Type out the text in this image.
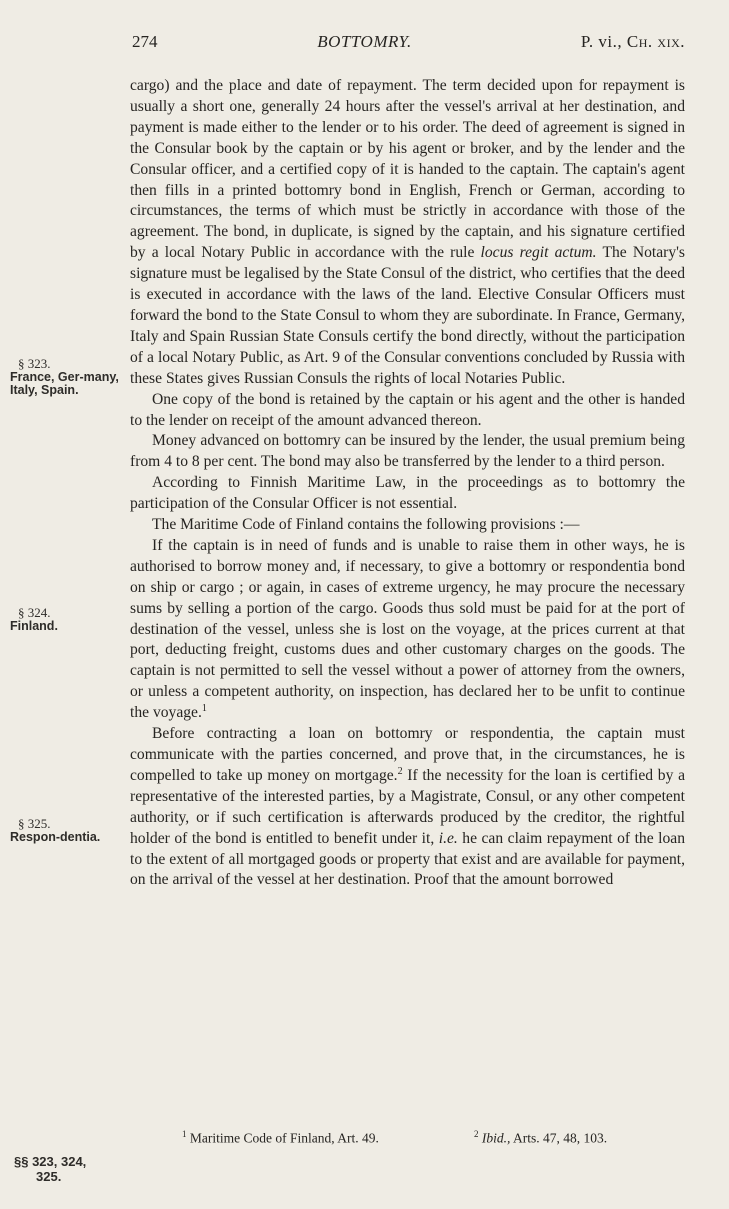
274	BOTTOMRY.	P. vi., Ch. xix.
§ 323.
France, Ger-many, Italy, Spain.
§ 324.
Finland.
§ 325.
Respon-dentia.

cargo) and the place and date of repayment. The term decided upon for repayment is usually a short one, generally 24 hours after the vessel's arrival at her destination, and payment is made either to the lender or to his order. The deed of agreement is signed in the Consular book by the captain or by his agent or broker, and by the lender and the Consular officer, and a certified copy of it is handed to the captain. The captain's agent then fills in a printed bottomry bond in English, French or German, according to circumstances, the terms of which must be strictly in accordance with those of the agreement. The bond, in duplicate, is signed by the captain, and his signature certified by a local Notary Public in accordance with the rule locus regit actum. The Notary's signature must be legalised by the State Consul of the district, who certifies that the deed is executed in accordance with the laws of the land. Elective Consular Officers must forward the bond to the State Consul to whom they are subordinate. In France, Germany, Italy and Spain Russian State Consuls certify the bond directly, without the participation of a local Notary Public, as Art. 9 of the Consular conventions concluded by Russia with these States gives Russian Consuls the rights of local Notaries Public.

One copy of the bond is retained by the captain or his agent and the other is handed to the lender on receipt of the amount advanced thereon.

Money advanced on bottomry can be insured by the lender, the usual premium being from 4 to 8 per cent. The bond may also be transferred by the lender to a third person.

According to Finnish Maritime Law, in the proceedings as to bottomry the participation of the Consular Officer is not essential.

The Maritime Code of Finland contains the following provisions :—

If the captain is in need of funds and is unable to raise them in other ways, he is authorised to borrow money and, if necessary, to give a bottomry or respondentia bond on ship or cargo ; or again, in cases of extreme urgency, he may procure the necessary sums by selling a portion of the cargo. Goods thus sold must be paid for at the port of destination of the vessel, unless she is lost on the voyage, at the prices current at that port, deducting freight, customs dues and other customary charges on the goods. The captain is not permitted to sell the vessel without a power of attorney from the owners, or unless a competent authority, on inspection, has declared her to be unfit to continue the voyage.$^1$

Before contracting a loan on bottomry or respondentia, the captain must communicate with the parties concerned, and prove that, in the circumstances, he is compelled to take up money on mortgage.$^2$ If the necessity for the loan is certified by a representative of the interested parties, by a Magistrate, Consul, or any other competent authority, or if such certification is afterwards produced by the creditor, the rightful holder of the bond is entitled to benefit under it, i.e. he can claim repayment of the loan to the extent of all mortgaged goods or property that exist and are available for payment, on the arrival of the vessel at her destination. Proof that the amount borrowed

$^1$ Maritime Code of Finland, Art. 49.	$^2$ Ibid., Arts. 47, 48, 103.
§§ 323, 324,
325.
